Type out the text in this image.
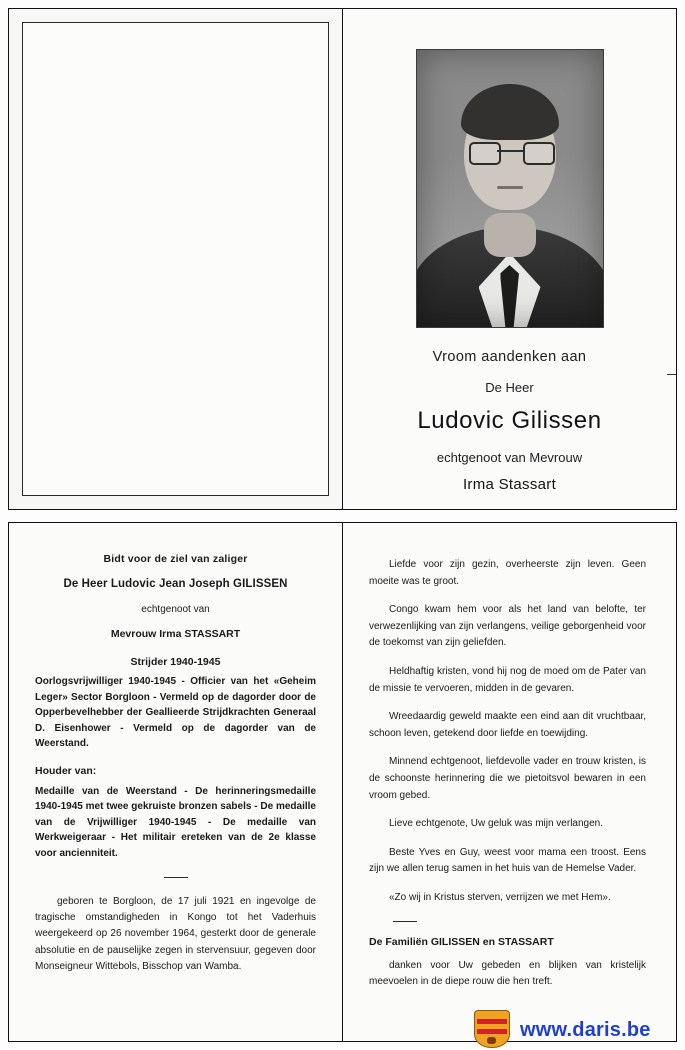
Vroom aandenken aan
De Heer
Ludovic Gilissen
echtgenoot van Mevrouw
Irma Stassart
Bidt voor de ziel van zaliger
De Heer Ludovic Jean Joseph GILISSEN
echtgenoot van
Mevrouw Irma STASSART
Strijder 1940-1945
Oorlogsvrijwilliger 1940-1945 - Officier van het «Geheim Leger» Sector Borgloon - Vermeld op de dagorder door de Opperbevelhebber der Geallieerde Strijdkrachten Generaal D. Eisenhower - Vermeld op de dagorder van de Weerstand.
Houder van:
Medaille van de Weerstand - De herinneringsmedaille 1940-1945 met twee gekruiste bronzen sabels - De medaille van de Vrijwilliger 1940-1945 - De medaille van Werkweigeraar - Het militair ereteken van de 2e klasse voor ancienniteit.
geboren te Borgloon, de 17 juli 1921 en ingevolge de tragische omstandigheden in Kongo tot het Vaderhuis weergekeerd op 26 november 1964, gesterkt door de generale absolutie en de pauselijke zegen in stervensuur, gegeven door Monseigneur Wittebols, Bisschop van Wamba.
Liefde voor zijn gezin, overheerste zijn leven. Geen moeite was te groot.
Congo kwam hem voor als het land van belofte, ter verwezenlijking van zijn verlangens, veilige geborgenheid voor de toekomst van zijn geliefden.
Heldhaftig kristen, vond hij nog de moed om de Pater van de missie te vervoeren, midden in de gevaren.
Wreedaardig geweld maakte een eind aan dit vruchtbaar, schoon leven, getekend door liefde en toewijding.
Minnend echtgenoot, liefdevolle vader en trouw kristen, is de schoonste herinnering die we pietoitsvol bewaren in een vroom gebed.
Lieve echtgenote, Uw geluk was mijn verlangen.
Beste Yves en Guy, weest voor mama een troost. Eens zijn we allen terug samen in het huis van de Hemelse Vader.
«Zo wij in Kristus sterven, verrijzen we met Hem».
De Familiën GILISSEN en STASSART
danken voor Uw gebeden en blijken van kristelijk meevoelen in de diepe rouw die hen treft.
www.daris.be
